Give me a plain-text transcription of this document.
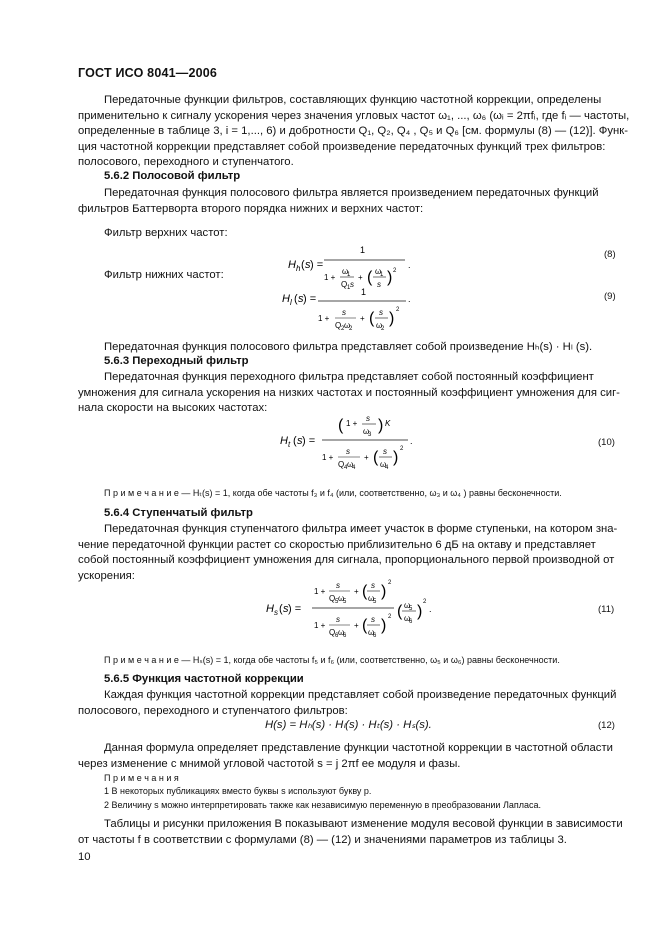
ГОСТ ИСО 8041—2006
Передаточные функции фильтров, составляющих функцию частотной коррекции, определены
применительно к сигналу ускорения через значения угловых частот ω₁, ..., ω₆ (ωᵢ = 2πfᵢ, где fᵢ — частоты,
определенные в таблице 3, i = 1,..., 6) и добротности Q₁, Q₂, Q₄ , Q₅ и Q₆ [см. формулы (8) — (12)]. Функ-
ция частотной коррекции представляет собой произведение передаточных функций трех фильтров:
полосового, переходного и ступенчатого.
5.6.2 Полосовой фильтр
Передаточная функция полосового фильтра является произведением передаточных функций
фильтров Баттерворта второго порядка нижних и верхних частот:
Фильтр верхних частот:
H h ( s ) =
1
1 +
ω
1
Q 1 s
+ ( ω
1
s ) 2
.
(8)
Фильтр нижних частот:
H l ( s ) =
1
1 +
s
Q 2 ω
2
+ ( s
ω
2
) 2
.	(9)
Передаточная функция полосового фильтра представляет собой произведение Hₕ(s) · Hₗ (s).
5.6.3 Переходный фильтр
Передаточная функция переходного фильтра представляет собой постоянный коэффициент
умножения для сигнала ускорения на низких частотах и постоянный коэффициент умножения для сиг-
нала скорости на высоких частотах:
H t ( s ) =
( 1 +
s
ω
3
) K
1 +
s
Q 4 ω
4
+ ( s
ω
4
) 2
.	(10)
П р и м е ч а н и е — Hₜ(s) = 1, когда обе частоты f₃ и f₄ (или, соответственно, ω₃ и ω₄ ) равны бесконечности.
5.6.4 Ступенчатый фильтр
Передаточная функция ступенчатого фильтра имеет участок в форме ступеньки, на котором зна-
чение передаточной функции растет со скоростью приблизительно 6 дБ на октаву и представляет
собой постоянный коэффициент умножения для сигнала, пропорционального первой производной от
ускорения:
H s ( s ) =
1 +
s
Q 5 ω
5
+ ( s
ω
5
) 2
1 +
s
Q 6 ω
6
+ ( s
ω
6
) 2 ( ω
5
ω
6
)
2
.	(11)
П р и м е ч а н и е — Hₛ(s) = 1, когда обе частоты f₅ и f₆ (или, соответственно, ω₅ и ω₆) равны бесконечности.
5.6.5 Функция частотной коррекции
Каждая функция частотной коррекции представляет собой произведение передаточных функций
полосового, переходного и ступенчатого фильтров:
H(s) = Hₕ(s) · Hₗ(s) · Hₜ(s) · Hₛ(s).	(12)
Данная формула определяет представление функции частотной коррекции в частотной области
через изменение с мнимой угловой частотой s = j 2πf ее модуля и фазы.
П р и м е ч а н и я
1 В некоторых публикациях вместо буквы s используют букву p.
2 Величину s можно интерпретировать также как независимую переменную в преобразовании Лапласа.
Таблицы и рисунки приложения В показывают изменение модуля весовой функции в зависимости
от частоты f в соответствии с формулами (8) — (12) и значениями параметров из таблицы 3.
10
